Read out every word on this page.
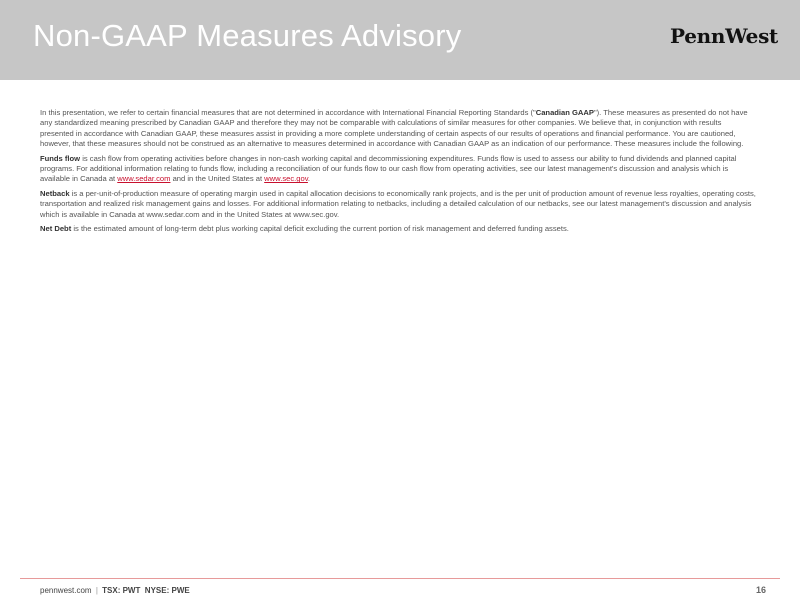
Non-GAAP Measures Advisory	PennWest

In this presentation, we refer to certain financial measures that are not determined in accordance with International Financial Reporting Standards ("Canadian GAAP"). These measures as presented do not have any standardized meaning prescribed by Canadian GAAP and therefore they may not be comparable with calculations of similar measures for other companies. We believe that, in conjunction with results presented in accordance with Canadian GAAP, these measures assist in providing a more complete understanding of certain aspects of our results of operations and financial performance. You are cautioned, however, that these measures should not be construed as an alternative to measures determined in accordance with Canadian GAAP as an indication of our performance. These measures include the following.

Funds flow is cash flow from operating activities before changes in non-cash working capital and decommissioning expenditures. Funds flow is used to assess our ability to fund dividends and planned capital programs. For additional information relating to funds flow, including a reconciliation of our funds flow to our cash flow from operating activities, see our latest management's discussion and analysis which is available in Canada at www.sedar.com and in the United States at www.sec.gov.

Netback is a per-unit-of-production measure of operating margin used in capital allocation decisions to economically rank projects, and is the per unit of production amount of revenue less royalties, operating costs, transportation and realized risk management gains and losses. For additional information relating to netbacks, including a detailed calculation of our netbacks, see our latest management's discussion and analysis which is available in Canada at www.sedar.com and in the United States at www.sec.gov.

Net Debt is the estimated amount of long-term debt plus working capital deficit excluding the current portion of risk management and deferred funding assets.

pennwest.com | TSX: PWT  NYSE: PWE	16
